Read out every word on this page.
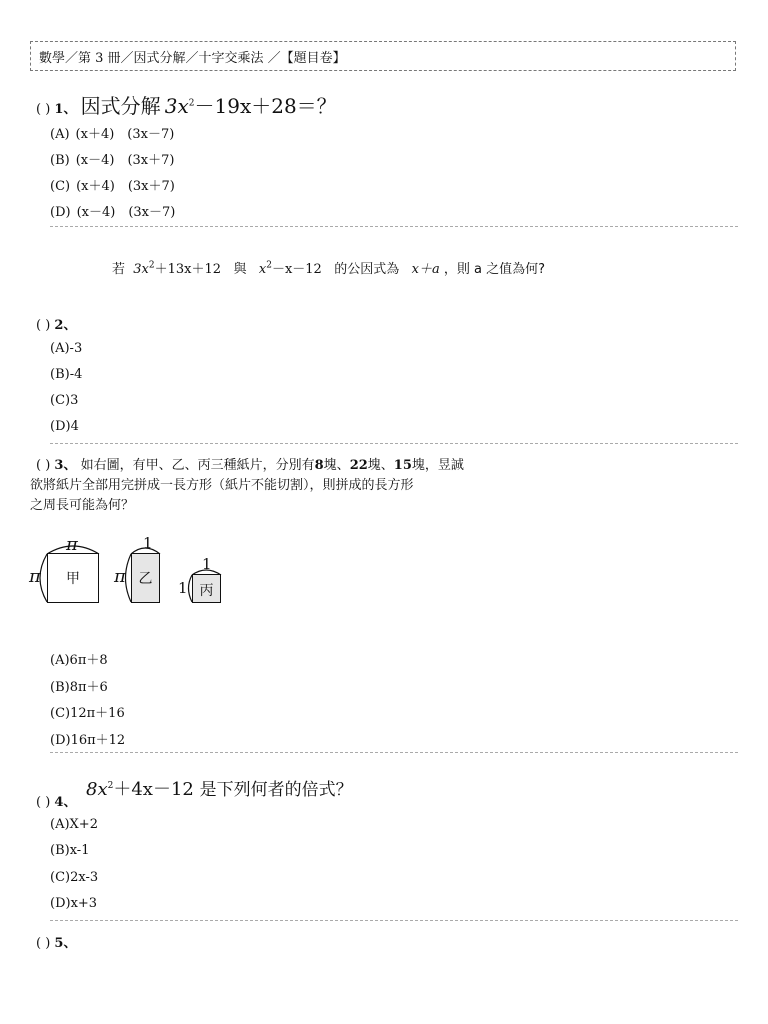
數學／第 3 冊／因式分解／十字交乘法 ／【題目卷】
( ) 1、 因式分解 $3x^2-19x+28=$？
(A) (x＋4)　(3x－7)
(B) (x－4)　(3x＋7)
(C) (x＋4)　(3x＋7)
(D) (x－4)　(3x－7)
若 $3x^2+13x+12$ 與 $x^2-x-12$ 的公因式為 x＋a ，則 a 之值為何?
( ) 2、
(A)-3
(B)-4
(C)3
(D)4
( ) 3、 如右圖，有甲、乙、丙三種紙片，分別有8塊、22塊、15塊，昱誠
欲將紙片全部用完拼成一長方形（紙片不能切割），則拼成的長方形
之周長可能為何？
π
π	甲
1
π 乙
1
1 丙
(A)6π＋8
(B)8π＋6
(C)12π＋16
(D)16π＋12
( ) 4、
$8x^2+4x-12$ 是下列何者的倍式？
(A)X+2
(B)x-1
(C)2x-3
(D)x+3
( ) 5、
